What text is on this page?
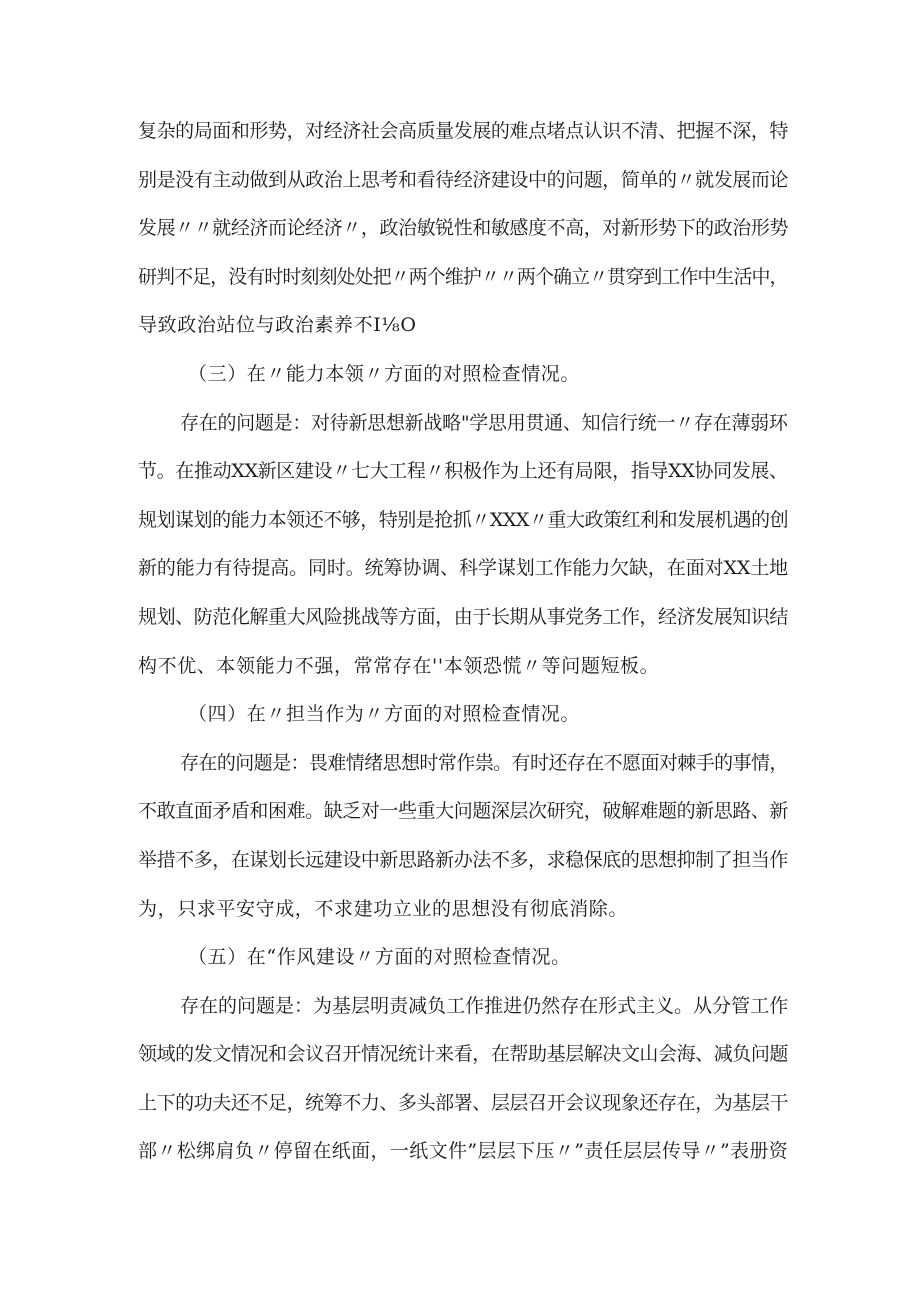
复杂的局面和形势，对经济社会高质量发展的难点堵点认识不清、把握不深，特
别是没有主动做到从政治上思考和看待经济建设中的问题，简单的〃就发展而论
发展〃〃就经济而论经济〃，政治敏锐性和敏感度不高，对新形势下的政治形势
研判不足，没有时时刻刻处处把〃两个维护〃〃两个确立〃贯穿到工作中生活中，
导致政治站位与政治素养不I⅛O

（三）在〃能力本领〃方面的对照检查情况。

存在的问题是：对待新思想新战略"学思用贯通、知信行统一〃存在薄弱环
节。在推动XX新区建设〃七大工程〃积极作为上还有局限，指导XX协同发展、
规划谋划的能力本领还不够，特别是抢抓〃XXX〃重大政策红利和发展机遇的创
新的能力有待提高。同时。统筹协调、科学谋划工作能力欠缺，在面对XX土地
规划、防范化解重大风险挑战等方面，由于长期从事党务工作，经济发展知识结
构不优、本领能力不强，常常存在''本领恐慌〃等问题短板。

（四）在〃担当作为〃方面的对照检查情况。

存在的问题是：畏难情绪思想时常作祟。有时还存在不愿面对棘手的事情，
不敢直面矛盾和困难。缺乏对一些重大问题深层次研究，破解难题的新思路、新
举措不多，在谋划长远建设中新思路新办法不多，求稳保底的思想抑制了担当作
为，只求平安守成，不求建功立业的思想没有彻底消除。

（五）在“作风建设〃方面的对照检查情况。

存在的问题是：为基层明责减负工作推进仍然存在形式主义。从分管工作
领域的发文情况和会议召开情况统计来看，在帮助基层解决文山会海、减负问题
上下的功夫还不足，统筹不力、多头部署、层层召开会议现象还存在，为基层干
部〃松绑肩负〃停留在纸面，一纸文件”层层下压〃”责任层层传导〃”表册资
